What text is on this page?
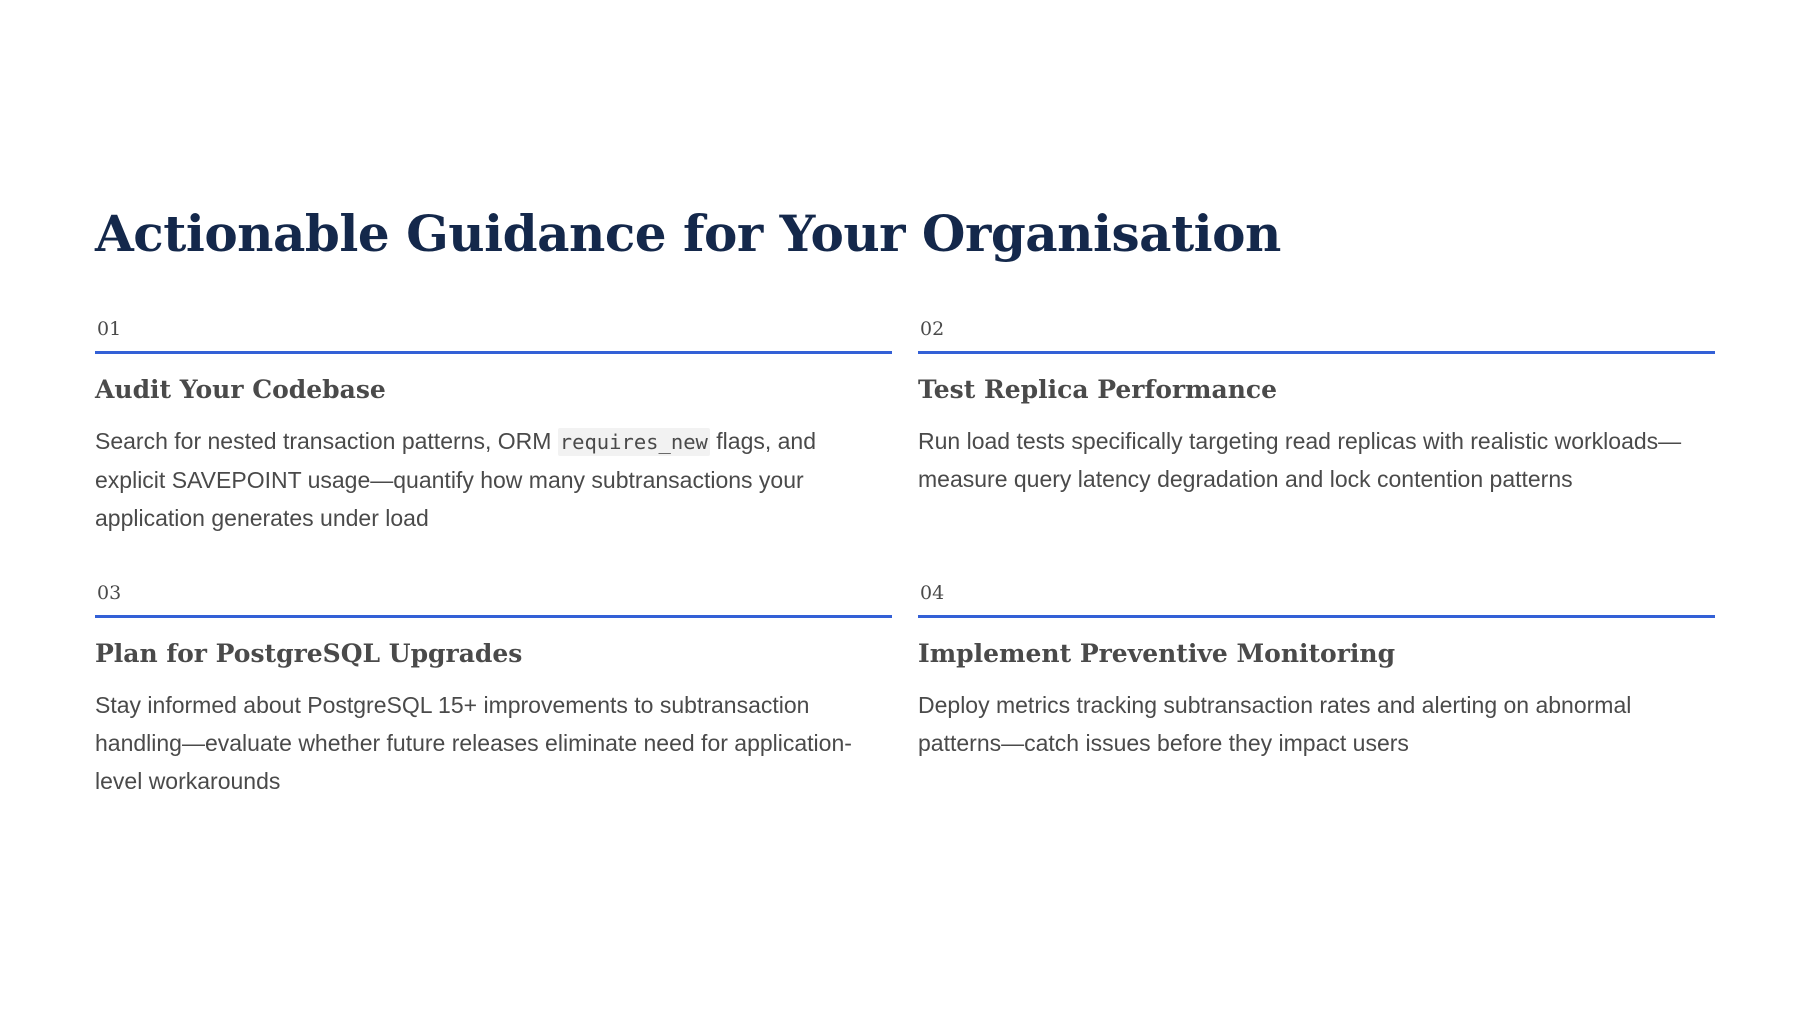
Actionable Guidance for Your Organisation
01
Audit Your Codebase

Search for nested transaction patterns, ORM requires_new flags, and explicit SAVEPOINT usage—quantify how many subtransactions your application generates under load

02
Test Replica Performance

Run load tests specifically targeting read replicas with realistic workloads—measure query latency degradation and lock contention patterns

03
Plan for PostgreSQL Upgrades

Stay informed about PostgreSQL 15+ improvements to subtransaction handling—evaluate whether future releases eliminate need for application-level workarounds

04
Implement Preventive Monitoring

Deploy metrics tracking subtransaction rates and alerting on abnormal patterns—catch issues before they impact users
